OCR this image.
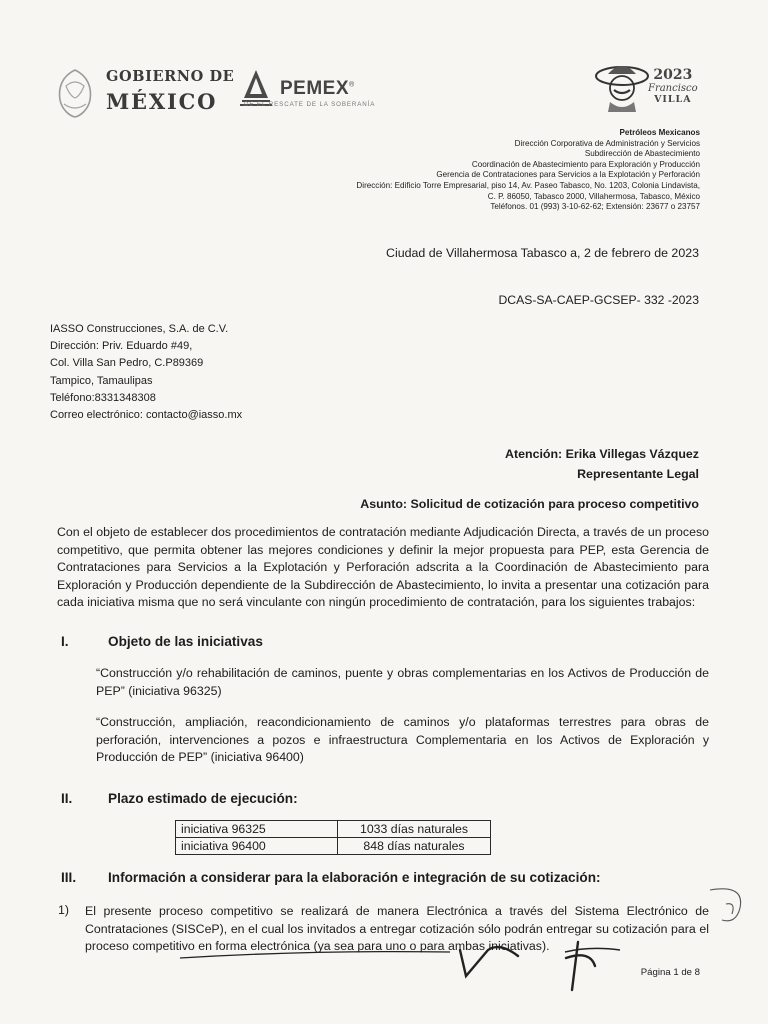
GOBIERNO DE
MÉXICO	PEMEX®
DE EL RESCATE DE LA SOBERANÍA
2023
Francisco
VILLA
Petróleos Mexicanos
Dirección Corporativa de Administración y Servicios
Subdirección de Abastecimiento
Coordinación de Abastecimiento para Exploración y Producción
Gerencia de Contrataciones para Servicios a la Explotación y Perforación
Dirección: Edificio Torre Empresarial, piso 14, Av. Paseo Tabasco, No. 1203, Colonia Lindavista,
C. P. 86050, Tabasco 2000, Villahermosa, Tabasco, México
Teléfonos. 01 (993) 3-10-62-62; Extensión: 23677 o 23757
Ciudad de Villahermosa Tabasco a, 2 de febrero de 2023
DCAS-SA-CAEP-GCSEP- 332 -2023
IASSO Construcciones, S.A. de C.V.
Dirección: Priv. Eduardo #49,
Col. Villa San Pedro, C.P89369
Tampico, Tamaulipas
Teléfono:8331348308
Correo electrónico: contacto@iasso.mx
Atención: Erika Villegas Vázquez
Representante Legal
Asunto: Solicitud de cotización para proceso competitivo
Con el objeto de establecer dos procedimientos de contratación mediante Adjudicación Directa, a través de un proceso competitivo, que permita obtener las mejores condiciones y definir la mejor propuesta para PEP, esta Gerencia de Contrataciones para Servicios a la Explotación y Perforación adscrita a la Coordinación de Abastecimiento para Exploración y Producción dependiente de la Subdirección de Abastecimiento, lo invita a presentar una cotización para cada iniciativa misma que no será vinculante con ningún procedimiento de contratación, para los siguientes trabajos:
I.	Objeto de las iniciativas
“Construcción y/o rehabilitación de caminos, puente y obras complementarias en los Activos de Producción de PEP” (iniciativa 96325)
“Construcción, ampliación, reacondicionamiento de caminos y/o plataformas terrestres para obras de perforación, intervenciones a pozos e infraestructura Complementaria en los Activos de Exploración y Producción de PEP” (iniciativa 96400)
II.	Plazo estimado de ejecución:
iniciativa 96325	1033 días naturales
iniciativa 96400	848 días naturales
III. Información a considerar para la elaboración e integración de su cotización:
1) El presente proceso competitivo se realizará de manera Electrónica a través del Sistema Electrónico de Contrataciones (SISCeP), en el cual los invitados a entregar cotización sólo podrán entregar su cotización para el proceso competitivo en forma electrónica (ya sea para uno o para ambas iniciativas).
Página 1 de 8
